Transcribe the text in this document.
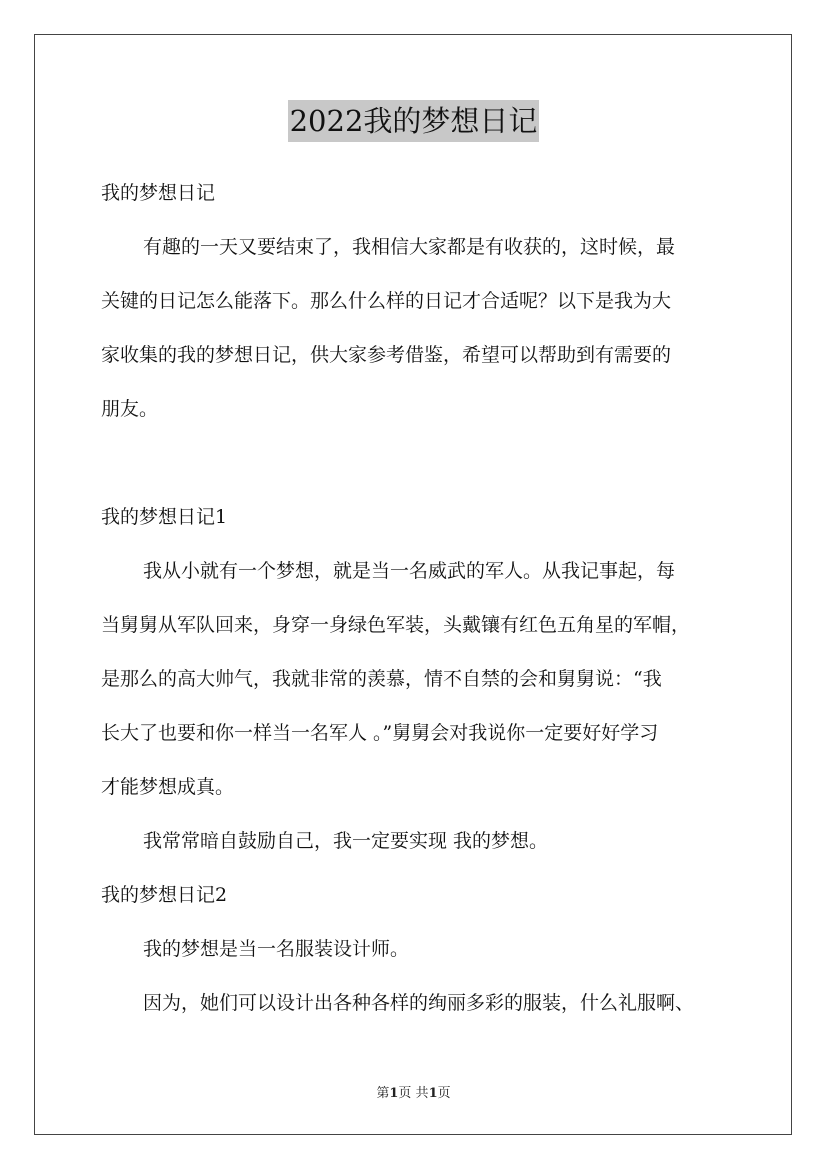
2022我的梦想日记
我的梦想日记
有趣的一天又要结束了，我相信大家都是有收获的，这时候，最
关键的日记怎么能落下。那么什么样的日记才合适呢？以下是我为大
家收集的我的梦想日记，供大家参考借鉴，希望可以帮助到有需要的
朋友。
我的梦想日记1
我从小就有一个梦想，就是当一名威武的军人。从我记事起，每
当舅舅从军队回来，身穿一身绿色军装，头戴镶有红色五角星的军帽，
是那么的高大帅气，我就非常的羡慕，情不自禁的会和舅舅说：“我
长大了也要和你一样当一名军人 。”舅舅会对我说你一定要好好学习
才能梦想成真。
我常常暗自鼓励自己，我一定要实现 我的梦想。
我的梦想日记2
我的梦想是当一名服装设计师。
因为，她们可以设计出各种各样的绚丽多彩的服装，什么礼服啊、
第1页 共1页
